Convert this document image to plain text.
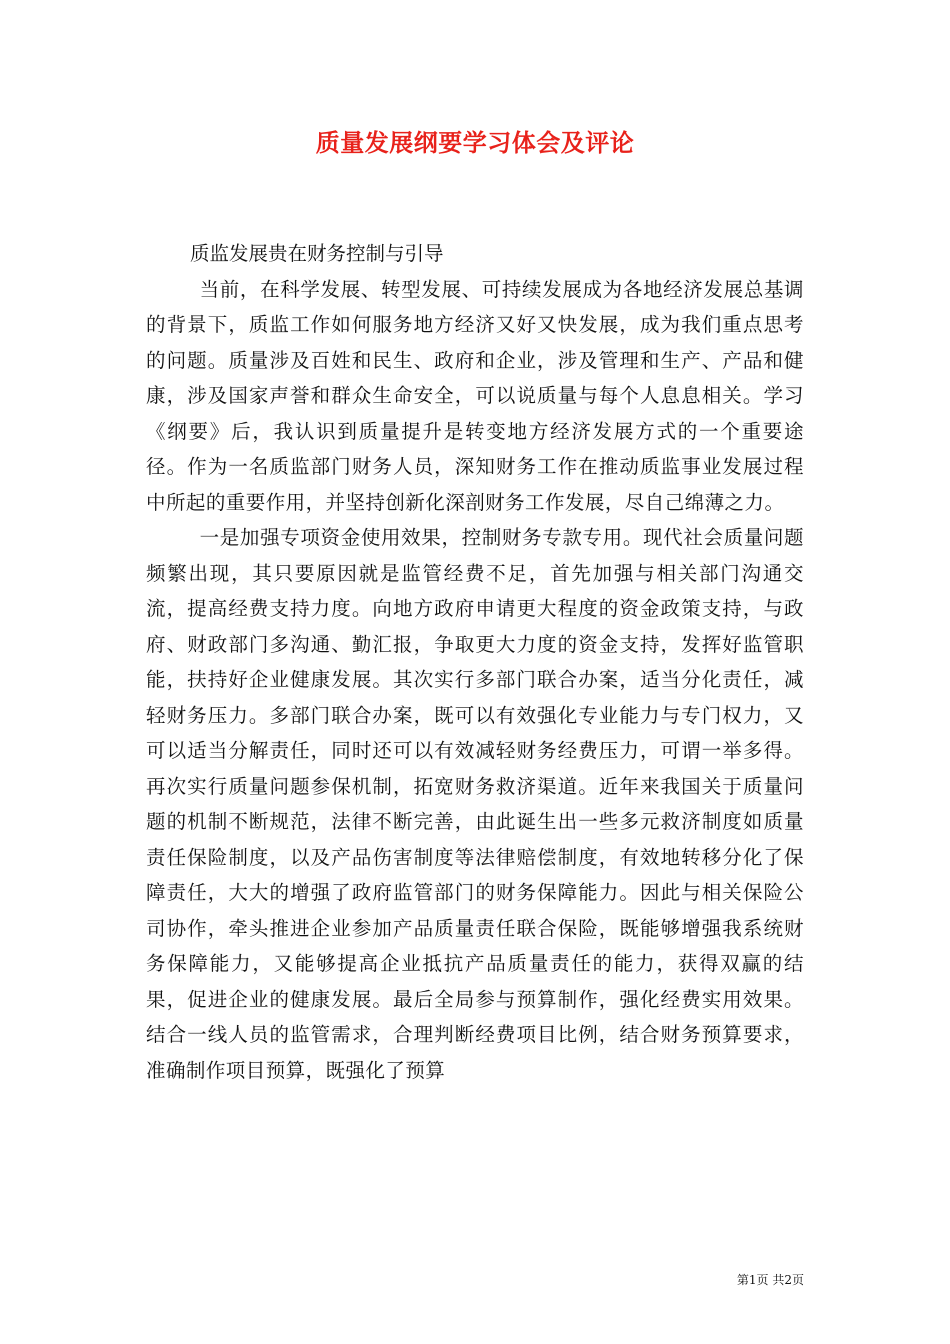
质量发展纲要学习体会及评论

质监发展贵在财务控制与引导

当前，在科学发展、转型发展、可持续发展成为各地经济发展总基调的背景下，质监工作如何服务地方经济又好又快发展，成为我们重点思考的问题。质量涉及百姓和民生、政府和企业，涉及管理和生产、产品和健康，涉及国家声誉和群众生命安全，可以说质量与每个人息息相关。学习《纲要》后，我认识到质量提升是转变地方经济发展方式的一个重要途径。作为一名质监部门财务人员，深知财务工作在推动质监事业发展过程中所起的重要作用，并坚持创新化深剖财务工作发展，尽自己绵薄之力。

一是加强专项资金使用效果，控制财务专款专用。现代社会质量问题频繁出现，其只要原因就是监管经费不足，首先加强与相关部门沟通交流，提高经费支持力度。向地方政府申请更大程度的资金政策支持，与政府、财政部门多沟通、勤汇报，争取更大力度的资金支持，发挥好监管职能，扶持好企业健康发展。其次实行多部门联合办案，适当分化责任，减轻财务压力。多部门联合办案，既可以有效强化专业能力与专门权力，又可以适当分解责任，同时还可以有效减轻财务经费压力，可谓一举多得。再次实行质量问题参保机制，拓宽财务救济渠道。近年来我国关于质量问题的机制不断规范，法律不断完善，由此诞生出一些多元救济制度如质量责任保险制度，以及产品伤害制度等法律赔偿制度，有效地转移分化了保障责任，大大的增强了政府监管部门的财务保障能力。因此与相关保险公司协作，牵头推进企业参加产品质量责任联合保险，既能够增强我系统财务保障能力，又能够提高企业抵抗产品质量责任的能力，获得双赢的结果，促进企业的健康发展。最后全局参与预算制作，强化经费实用效果。结合一线人员的监管需求，合理判断经费项目比例，结合财务预算要求，准确制作项目预算，既强化了预算

第1页 共2页
